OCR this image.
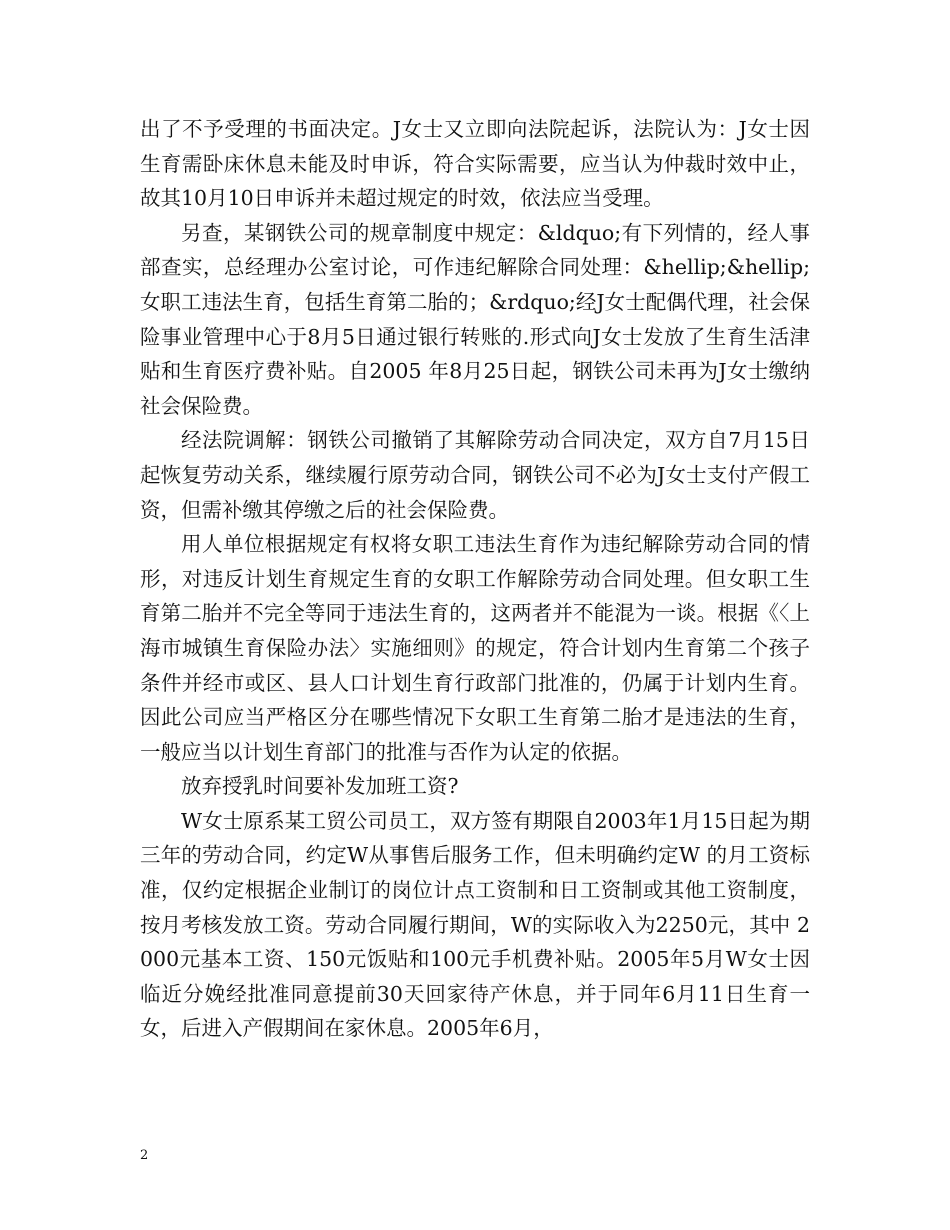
出了不予受理的书面决定。J女士又立即向法院起诉，法院认为：J女士因生育需卧床休息未能及时申诉，符合实际需要，应当认为仲裁时效中止，故其10月10日申诉并未超过规定的时效，依法应当受理。

另查，某钢铁公司的规章制度中规定：&ldquo;有下列情的，经人事部查实，总经理办公室讨论，可作违纪解除合同处理：&hellip;&hellip;女职工违法生育，包括生育第二胎的；&rdquo;经J女士配偶代理，社会保险事业管理中心于8月5日通过银行转账的.形式向J女士发放了生育生活津贴和生育医疗费补贴。自2005 年8月25日起，钢铁公司未再为J女士缴纳社会保险费。

经法院调解：钢铁公司撤销了其解除劳动合同决定，双方自7月15日起恢复劳动关系，继续履行原劳动合同，钢铁公司不必为J女士支付产假工资，但需补缴其停缴之后的社会保险费。

用人单位根据规定有权将女职工违法生育作为违纪解除劳动合同的情形，对违反计划生育规定生育的女职工作解除劳动合同处理。但女职工生育第二胎并不完全等同于违法生育的，这两者并不能混为一谈。根据《〈上海市城镇生育保险办法〉实施细则》的规定，符合计划内生育第二个孩子条件并经市或区、县人口计划生育行政部门批准的，仍属于计划内生育。因此公司应当严格区分在哪些情况下女职工生育第二胎才是违法的生育，一般应当以计划生育部门的批准与否作为认定的依据。

放弃授乳时间要补发加班工资?

W女士原系某工贸公司员工，双方签有期限自2003年1月15日起为期三年的劳动合同，约定W从事售后服务工作，但未明确约定W 的月工资标准，仅约定根据企业制订的岗位计点工资制和日工资制或其他工资制度，按月考核发放工资。劳动合同履行期间，W的实际收入为2250元，其中 2000元基本工资、150元饭贴和100元手机费补贴。2005年5月W女士因临近分娩经批准同意提前30天回家待产休息，并于同年6月11日生育一女，后进入产假期间在家休息。2005年6月，

2
